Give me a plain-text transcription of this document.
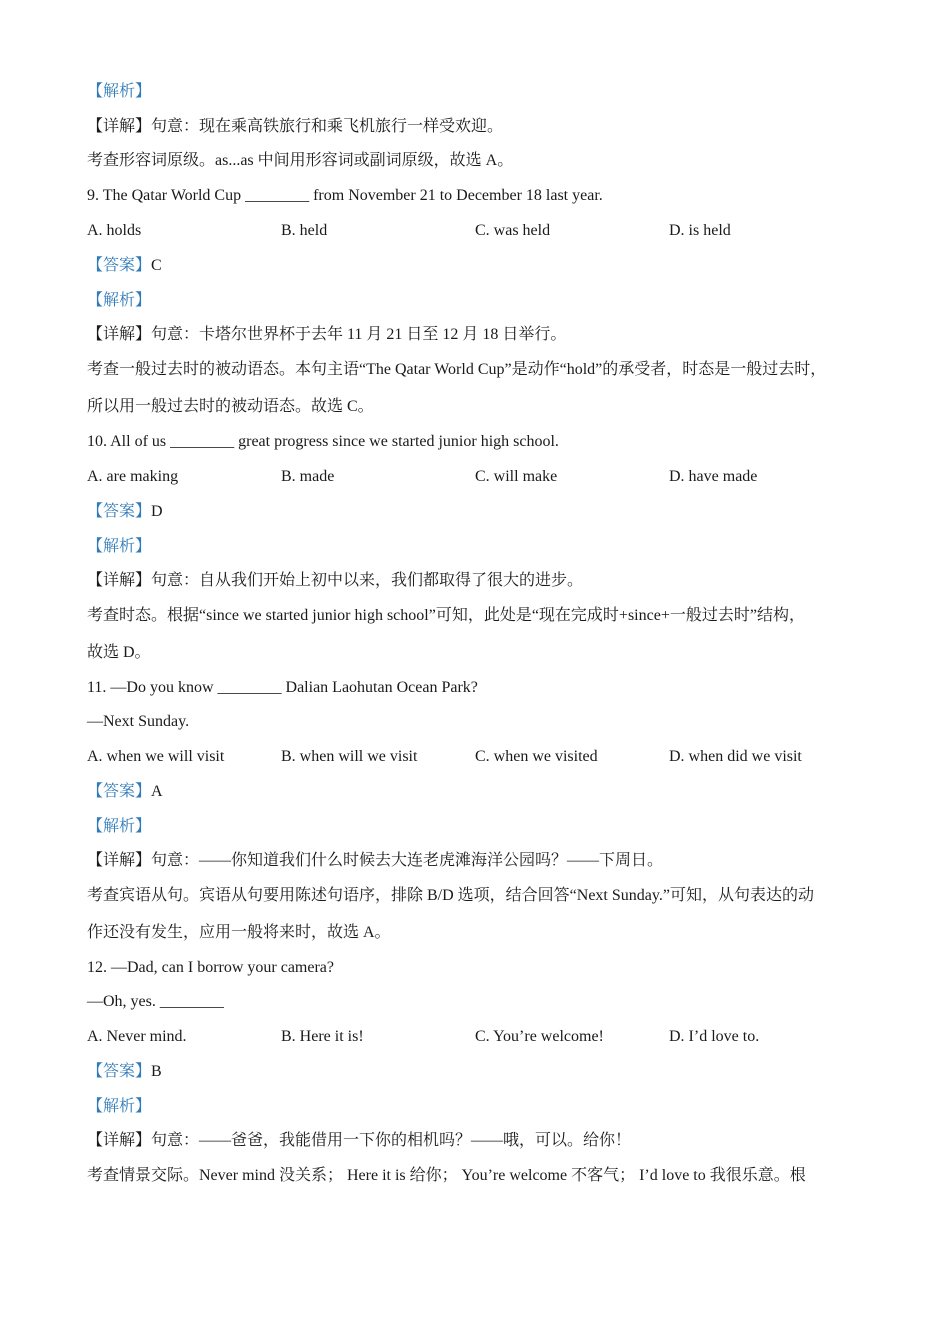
【解析】
【详解】句意：现在乘高铁旅行和乘飞机旅行一样受欢迎。
考查形容词原级。as...as 中间用形容词或副词原级，故选 A。
9. The Qatar World Cup ________ from November 21 to December 18 last year.
A. holds	B. held	C. was held	D. is held
【答案】C
【解析】
【详解】句意：卡塔尔世界杯于去年 11 月 21 日至 12 月 18 日举行。
考查一般过去时的被动语态。本句主语“The Qatar World Cup”是动作“hold”的承受者，时态是一般过去时，
所以用一般过去时的被动语态。故选 C。
10. All of us ________ great progress since we started junior high school.
A. are making	B. made	C. will make	D. have made
【答案】D
【解析】
【详解】句意：自从我们开始上初中以来，我们都取得了很大的进步。
考查时态。根据“since we started junior high school”可知，此处是“现在完成时+since+一般过去时”结构，
故选 D。
11. —Do you know ________ Dalian Laohutan Ocean Park?
—Next Sunday.
A. when we will visit	B. when will we visit	C. when we visited	D. when did we visit
【答案】A
【解析】
【详解】句意：——你知道我们什么时候去大连老虎滩海洋公园吗？——下周日。
考查宾语从句。宾语从句要用陈述句语序，排除 B/D 选项，结合回答“Next Sunday.”可知，从句表达的动
作还没有发生，应用一般将来时，故选 A。
12. —Dad, can I borrow your camera?
—Oh, yes. ________
A. Never mind.	B. Here it is!	C. You’re welcome!	D. I’d love to.
【答案】B
【解析】
【详解】句意：——爸爸，我能借用一下你的相机吗？——哦，可以。给你！
考查情景交际。Never mind 没关系； Here it is 给你； You’re welcome 不客气； I’d love to 我很乐意。根
